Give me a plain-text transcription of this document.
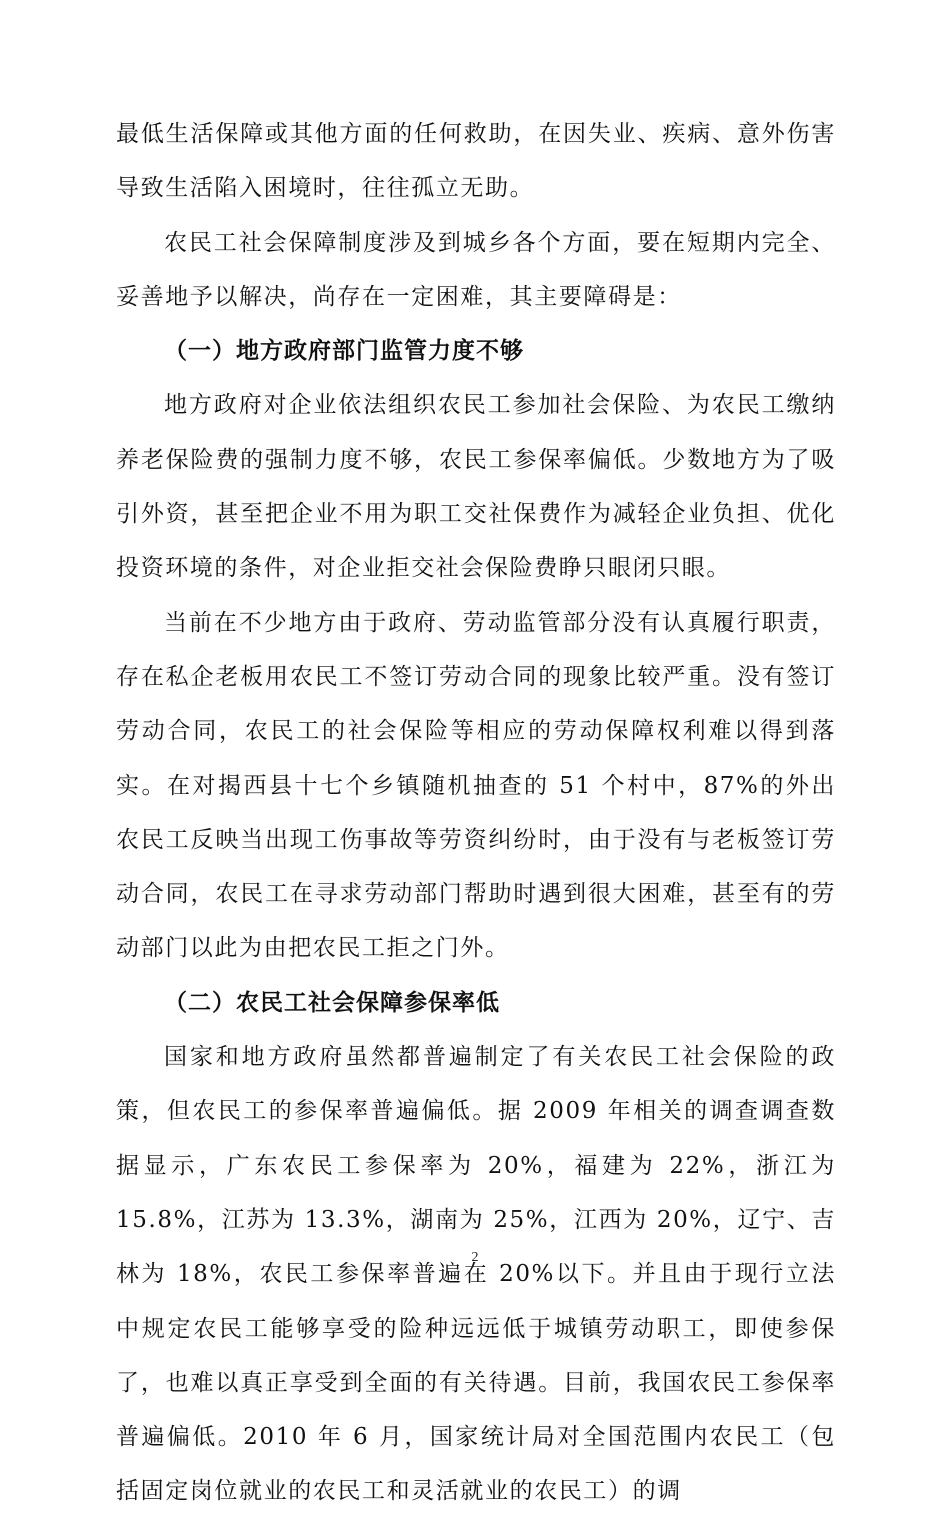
最低生活保障或其他方面的任何救助，在因失业、疾病、意外伤害导致生活陷入困境时，往往孤立无助。

农民工社会保障制度涉及到城乡各个方面，要在短期内完全、妥善地予以解决，尚存在一定困难，其主要障碍是：

（一）地方政府部门监管力度不够

地方政府对企业依法组织农民工参加社会保险、为农民工缴纳养老保险费的强制力度不够，农民工参保率偏低。少数地方为了吸引外资，甚至把企业不用为职工交社保费作为减轻企业负担、优化投资环境的条件，对企业拒交社会保险费睁只眼闭只眼。

当前在不少地方由于政府、劳动监管部分没有认真履行职责，存在私企老板用农民工不签订劳动合同的现象比较严重。没有签订劳动合同，农民工的社会保险等相应的劳动保障权利难以得到落实。在对揭西县十七个乡镇随机抽查的 51 个村中，87%的外出农民工反映当出现工伤事故等劳资纠纷时，由于没有与老板签订劳动合同，农民工在寻求劳动部门帮助时遇到很大困难，甚至有的劳动部门以此为由把农民工拒之门外。

（二）农民工社会保障参保率低

国家和地方政府虽然都普遍制定了有关农民工社会保险的政策，但农民工的参保率普遍偏低。据 2009 年相关的调查调查数据显示，广东农民工参保率为 20%，福建为 22%，浙江为 15.8%，江苏为 13.3%，湖南为 25%，江西为 20%，辽宁、吉林为 18%，农民工参保率普遍在 20%以下。并且由于现行立法中规定农民工能够享受的险种远远低于城镇劳动职工，即使参保了，也难以真正享受到全面的有关待遇。目前，我国农民工参保率普遍偏低。2010 年 6 月，国家统计局对全国范围内农民工（包括固定岗位就业的农民工和灵活就业的农民工）的调

2
